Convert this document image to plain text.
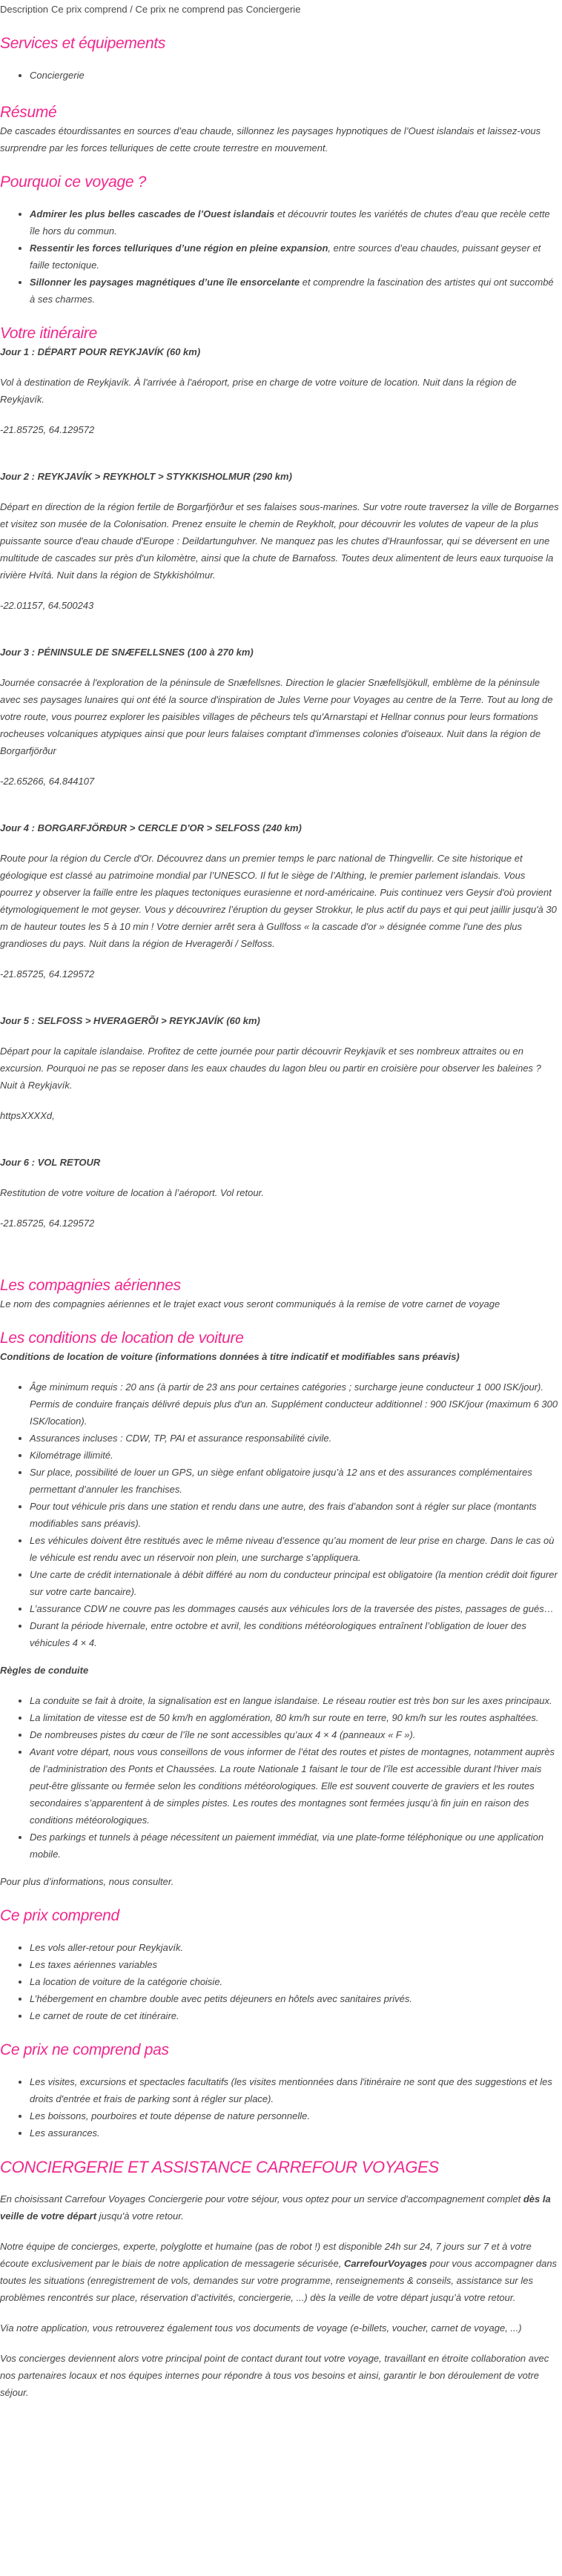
Description Ce prix comprend / Ce prix ne comprend pas Conciergerie
Services et équipements
• Conciergerie
Résumé

De cascades étourdissantes en sources d’eau chaude, sillonnez les paysages hypnotiques de l’Ouest islandais et laissez-vous surprendre par les forces telluriques de cette croute terrestre en mouvement.

Pourquoi ce voyage ?
• Admirer les plus belles cascades de l’Ouest islandais et découvrir toutes les variétés de chutes d’eau que recèle cette île hors du commun.
• Ressentir les forces telluriques d’une région en pleine expansion, entre sources d’eau chaudes, puissant geyser et faille tectonique.
• Sillonner les paysages magnétiques d’une île ensorcelante et comprendre la fascination des artistes qui ont succombé à ses charmes.
Votre itinéraire

Jour 1 : DÉPART POUR REYKJAVÍK (60 km)

Vol à destination de Reykjavík. À l'arrivée à l'aéroport, prise en charge de votre voiture de location. Nuit dans la région de Reykjavík.

-21.85725, 64.129572

Jour 2 : REYKJAVÍK > REYKHOLT > STYKKISHOLMUR (290 km)

Départ en direction de la région fertile de Borgarfjörður et ses falaises sous-marines. Sur votre route traversez la ville de Borgarnes et visitez son musée de la Colonisation. Prenez ensuite le chemin de Reykholt, pour découvrir les volutes de vapeur de la plus puissante source d'eau chaude d'Europe : Deildartunguhver. Ne manquez pas les chutes d'Hraunfossar, qui se déversent en une multitude de cascades sur près d'un kilomètre, ainsi que la chute de Barnafoss. Toutes deux alimentent de leurs eaux turquoise la rivière Hvítá. Nuit dans la région de Stykkishólmur.

-22.01157, 64.500243

Jour 3 : PÉNINSULE DE SNÆFELLSNES (100 à 270 km)

Journée consacrée à l'exploration de la péninsule de Snæfellsnes. Direction le glacier Snæfellsjökull, emblème de la péninsule avec ses paysages lunaires qui ont été la source d'inspiration de Jules Verne pour Voyages au centre de la Terre. Tout au long de votre route, vous pourrez explorer les paisibles villages de pêcheurs tels qu'Arnarstapi et Hellnar connus pour leurs formations rocheuses volcaniques atypiques ainsi que pour leurs falaises comptant d'immenses colonies d'oiseaux. Nuit dans la région de Borgarfjörður

-22.65266, 64.844107

Jour 4 : BORGARFJÖRÐUR > CERCLE D'OR > SELFOSS (240 km)

Route pour la région du Cercle d'Or. Découvrez dans un premier temps le parc national de Thingvellir. Ce site historique et géologique est classé au patrimoine mondial par l’UNESCO. Il fut le siège de l’Althing, le premier parlement islandais. Vous pourrez y observer la faille entre les plaques tectoniques eurasienne et nord-américaine. Puis continuez vers Geysir d'où provient étymologiquement le mot geyser. Vous y découvrirez l’éruption du geyser Strokkur, le plus actif du pays et qui peut jaillir jusqu'à 30 m de hauteur toutes les 5 à 10 min ! Votre dernier arrêt sera à Gullfoss « la cascade d'or » désignée comme l'une des plus grandioses du pays. Nuit dans la région de Hveragerði / Selfoss.

-21.85725, 64.129572

Jour 5 : SELFOSS > HVERAGERÕI > REYKJAVÍK (60 km)

Départ pour la capitale islandaise. Profitez de cette journée pour partir découvrir Reykjavík et ses nombreux attraites ou en excursion. Pourquoi ne pas se reposer dans les eaux chaudes du lagon bleu ou partir en croisière pour observer les baleines ? Nuit à Reykjavík.

httpsXXXXd,

Jour 6 : VOL RETOUR

Restitution de votre voiture de location à l’aéroport. Vol retour.

-21.85725, 64.129572

Les compagnies aériennes

Le nom des compagnies aériennes et le trajet exact vous seront communiqués à la remise de votre carnet de voyage

Les conditions de location de voiture

Conditions de location de voiture (informations données à titre indicatif et modifiables sans préavis)

• Âge minimum requis : 20 ans (à partir de 23 ans pour certaines catégories ; surcharge jeune conducteur 1 000 ISK/jour). Permis de conduire français délivré depuis plus d'un an. Supplément conducteur additionnel : 900 ISK/jour (maximum 6 300 ISK/location).
• Assurances incluses : CDW, TP, PAI et assurance responsabilité civile.
• Kilométrage illimité.
• Sur place, possibilité de louer un GPS, un siège enfant obligatoire jusqu’à 12 ans et des assurances complémentaires permettant d’annuler les franchises.
• Pour tout véhicule pris dans une station et rendu dans une autre, des frais d’abandon sont à régler sur place (montants modifiables sans préavis).
• Les véhicules doivent être restitués avec le même niveau d’essence qu’au moment de leur prise en charge. Dans le cas où le véhicule est rendu avec un réservoir non plein, une surcharge s’appliquera.
• Une carte de crédit internationale à débit différé au nom du conducteur principal est obligatoire (la mention crédit doit figurer sur votre carte bancaire).
• L’assurance CDW ne couvre pas les dommages causés aux véhicules lors de la traversée des pistes, passages de gués…
• Durant la période hivernale, entre octobre et avril, les conditions météorologiques entraînent l’obligation de louer des véhicules 4 × 4.

Règles de conduite

• La conduite se fait à droite, la signalisation est en langue islandaise. Le réseau routier est très bon sur les axes principaux.
• La limitation de vitesse est de 50 km/h en agglomération, 80 km/h sur route en terre, 90 km/h sur les routes asphaltées.
• De nombreuses pistes du cœur de l’île ne sont accessibles qu’aux 4 × 4 (panneaux « F »).
• Avant votre départ, nous vous conseillons de vous informer de l’état des routes et pistes de montagnes, notamment auprès de l’administration des Ponts et Chaussées. La route Nationale 1 faisant le tour de l’île est accessible durant l'hiver mais peut-être glissante ou fermée selon les conditions météorologiques. Elle est souvent couverte de graviers et les routes secondaires s’apparentent à de simples pistes. Les routes des montagnes sont fermées jusqu’à fin juin en raison des conditions météorologiques.
• Des parkings et tunnels à péage nécessitent un paiement immédiat, via une plate-forme téléphonique ou une application mobile.

Pour plus d’informations, nous consulter.

Ce prix comprend
• Les vols aller-retour pour Reykjavík.
• Les taxes aériennes variables
• La location de voiture de la catégorie choisie.
• L’hébergement en chambre double avec petits déjeuners en hôtels avec sanitaires privés.
• Le carnet de route de cet itinéraire.
Ce prix ne comprend pas
• Les visites, excursions et spectacles facultatifs (les visites mentionnées dans l'itinéraire ne sont que des suggestions et les droits d'entrée et frais de parking sont à régler sur place).
• Les boissons, pourboires et toute dépense de nature personnelle.
• Les assurances.
CONCIERGERIE ET ASSISTANCE CARREFOUR VOYAGES

En choisissant Carrefour Voyages Conciergerie pour votre séjour, vous optez pour un service d'accompagnement complet dès la veille de votre départ jusqu'à votre retour.

Notre équipe de concierges, experte, polyglotte et humaine (pas de robot !) est disponible 24h sur 24, 7 jours sur 7 et à votre écoute exclusivement par le biais de notre application de messagerie sécurisée, CarrefourVoyages pour vous accompagner dans toutes les situations (enregistrement de vols, demandes sur votre programme, renseignements & conseils, assistance sur les problèmes rencontrés sur place, réservation d’activités, conciergerie, ...) dès la veille de votre départ jusqu’à votre retour.

Via notre application, vous retrouverez également tous vos documents de voyage (e-billets, voucher, carnet de voyage, ...)

Vos concierges deviennent alors votre principal point de contact durant tout votre voyage, travaillant en étroite collaboration avec nos partenaires locaux et nos équipes internes pour répondre à tous vos besoins et ainsi, garantir le bon déroulement de votre séjour.
